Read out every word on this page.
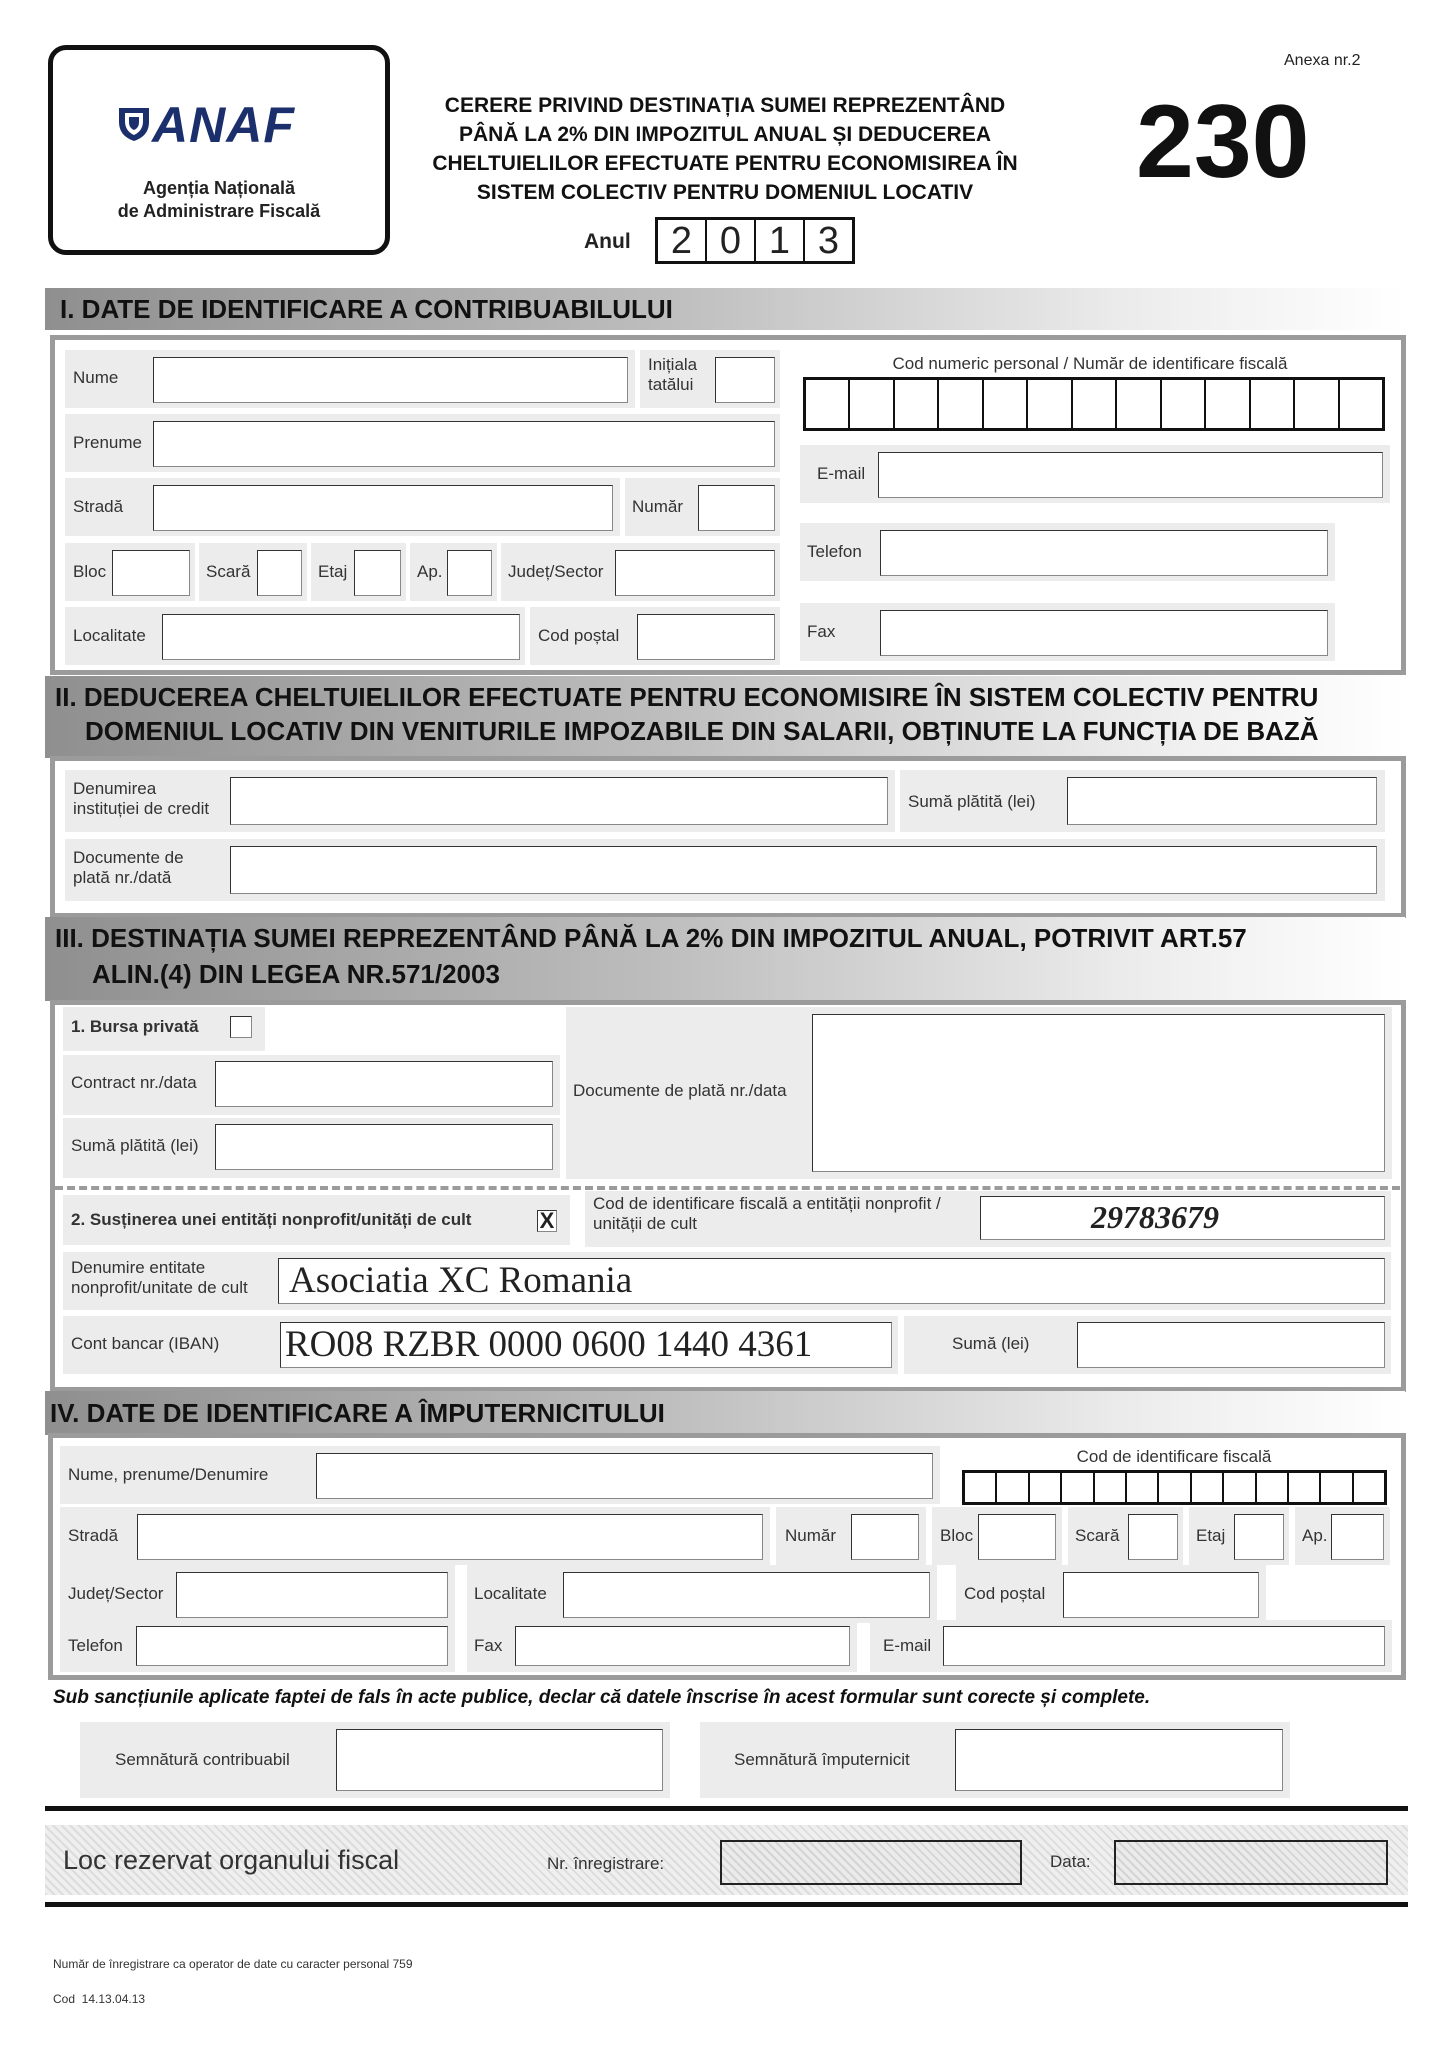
ANAF
Agenția Națională
de Administrare Fiscală
CERERE PRIVIND DESTINAȚIA SUMEI REPREZENTÂND
PÂNĂ LA 2% DIN IMPOZITUL ANUAL ȘI DEDUCEREA
CHELTUIELILOR EFECTUATE PENTRU ECONOMISIREA ÎN
SISTEM COLECTIV PENTRU DOMENIUL LOCATIV
Anexa nr.2
230
Anul	2 0 1 3
I. DATE DE IDENTIFICARE A CONTRIBUABILULUI
Nume
Inițiala
tatălui
Prenume
Stradă	Număr
Bloc	Scară	Etaj	Ap.	Județ/Sector
Localitate	Cod poștal
Cod numeric personal / Număr de identificare fiscală
E-mail
Telefon
Fax
II. DEDUCEREA CHELTUIELILOR EFECTUATE PENTRU ECONOMISIRE ÎN SISTEM COLECTIV PENTRU
DOMENIUL LOCATIV DIN VENITURILE IMPOZABILE DIN SALARII, OBȚINUTE LA FUNCȚIA DE BAZĂ
Denumirea
instituției de credit	Sumă plătită (lei)
Documente de
plată nr./dată
III. DESTINAȚIA SUMEI REPREZENTÂND PÂNĂ LA 2% DIN IMPOZITUL ANUAL, POTRIVIT ART.57
ALIN.(4) DIN LEGEA NR.571/2003
1. Bursa privată
Contract nr./data
Sumă plătită (lei)
Documente de plată nr./data
2. Susținerea unei entități nonprofit/unități de cult	X
Cod de identificare fiscală a entității nonprofit /
unității de cult	29783679
Denumire entitate
nonprofit/unitate de cult Asociatia XC Romania
Cont bancar (IBAN) RO08 RZBR 0000 0600 1440 4361	Sumă (lei)
IV. DATE DE IDENTIFICARE A ÎMPUTERNICITULUI
Nume, prenume/Denumire
Cod de identificare fiscală
Stradă	Număr	Bloc	Scară	Etaj	Ap.
Județ/Sector	Localitate	Cod poștal
Telefon	Fax	E-mail
Sub sancțiunile aplicate faptei de fals în acte publice, declar că datele înscrise în acest formular sunt corecte și complete.
Semnătură contribuabil	Semnătură împuternicit
Loc rezervat organului fiscal	Nr. înregistrare:	Data:
Număr de înregistrare ca operator de date cu caracter personal 759
Cod  14.13.04.13
